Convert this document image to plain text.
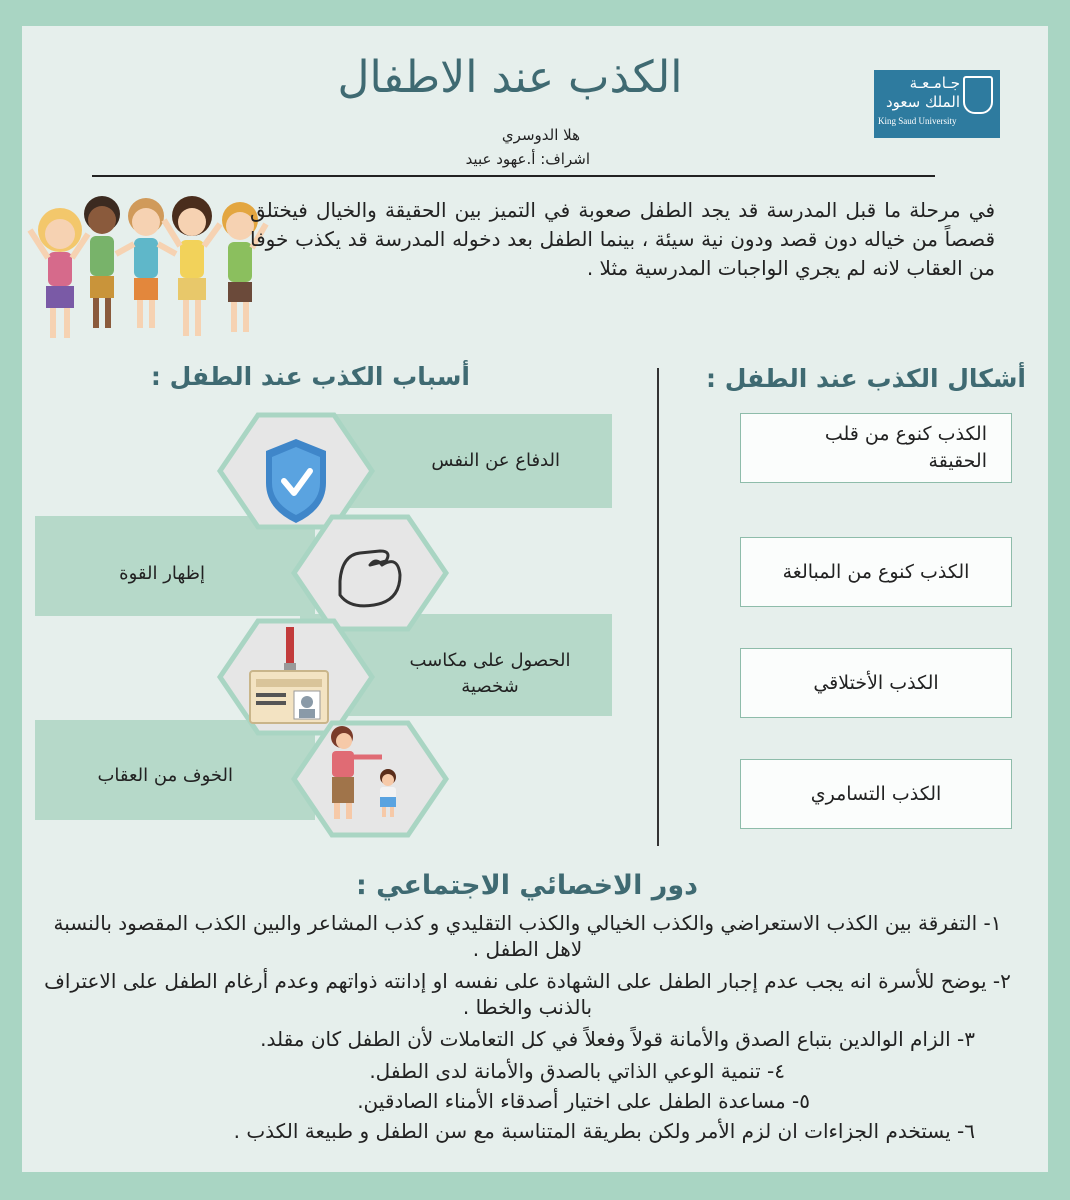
جـامـعـة
الملك سعود
King Saud University
الكذب عند الاطفال
هلا الدوسري
اشراف: أ.عهود عبيد
في مرحلة ما قبل المدرسة قد يجد الطفل صعوبة في التميز بين الحقيقة والخيال فيختلق قصصاً من خياله دون قصد ودون نية سيئة ، بينما الطفل بعد دخوله المدرسة قد يكذب خوفا من العقاب لانه لم يجري الواجبات المدرسية مثلا .
أشكال الكذب عند الطفل :
أسباب الكذب عند الطفل :
الكذب كنوع من قلب الحقيقة
الكذب كنوع من المبالغة
الكذب الأختلاقي
الكذب التسامري
الدفاع عن النفس
إظهار القوة
الحصول على مكاسب شخصية
الخوف من العقاب
دور الاخصائي الاجتماعي :
١- التفرقة بين الكذب الاستعراضي والكذب الخيالي والكذب التقليدي و كذب المشاعر والبين الكذب المقصود بالنسبة لاهل الطفل .
٢- يوضح للأسرة انه يجب عدم إجبار الطفل على الشهادة على نفسه او إدانته ذواتهم وعدم أرغام الطفل على الاعتراف بالذنب والخطا .
٣- الزام الوالدين بتباع الصدق والأمانة قولاً وفعلاً في كل التعاملات لأن الطفل كان مقلد.
٤- تنمية الوعي الذاتي بالصدق والأمانة لدى الطفل.
٥- مساعدة الطفل على اختيار أصدقاء الأمناء الصادقين.
٦- يستخدم الجزاءات ان لزم الأمر ولكن بطريقة المتناسبة مع سن الطفل و طبيعة الكذب .
